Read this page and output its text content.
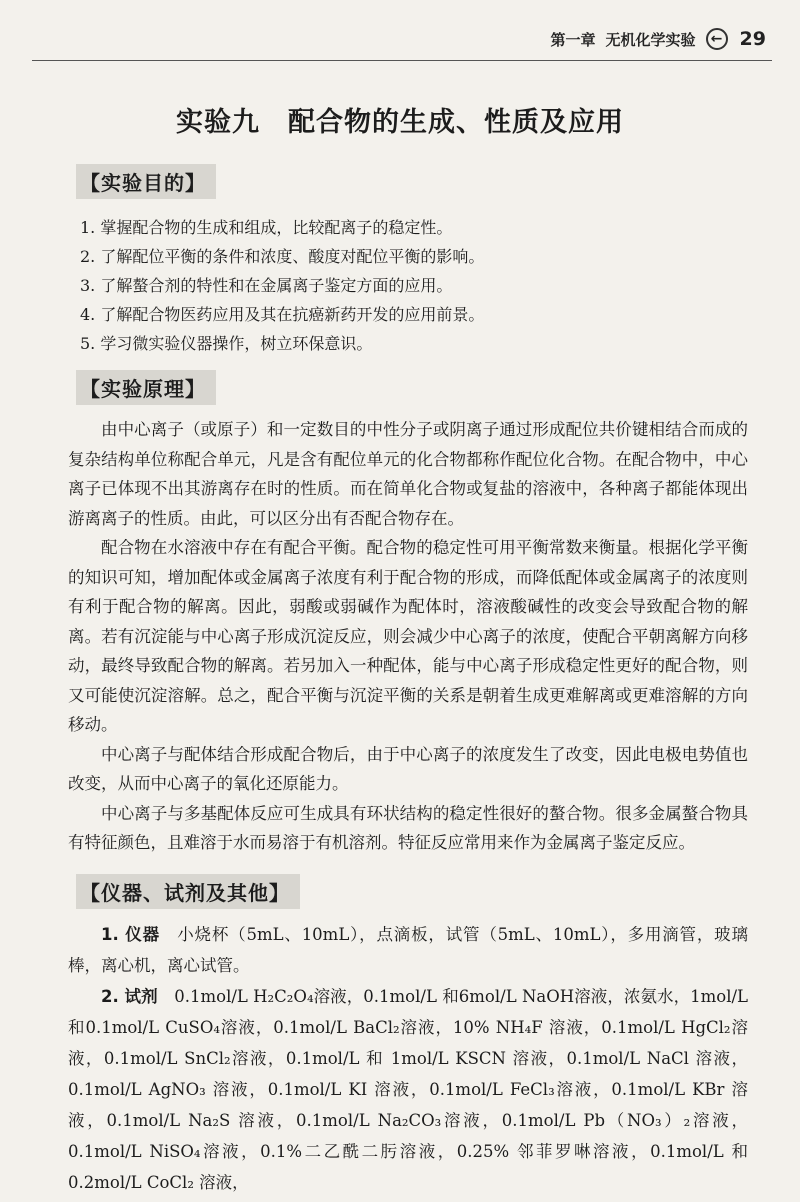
第一章 无机化学实验	← 29
实验九　配合物的生成、性质及应用
【实验目的】
1. 掌握配合物的生成和组成，比较配离子的稳定性。
2. 了解配位平衡的条件和浓度、酸度对配位平衡的影响。
3. 了解螯合剂的特性和在金属离子鉴定方面的应用。
4. 了解配合物医药应用及其在抗癌新药开发的应用前景。
5. 学习微实验仪器操作，树立环保意识。
【实验原理】

由中心离子（或原子）和一定数目的中性分子或阴离子通过形成配位共价键相结合而成的复杂结构单位称配合单元，凡是含有配位单元的化合物都称作配位化合物。在配合物中，中心离子已体现不出其游离存在时的性质。而在简单化合物或复盐的溶液中，各种离子都能体现出游离离子的性质。由此，可以区分出有否配合物存在。

配合物在水溶液中存在有配合平衡。配合物的稳定性可用平衡常数来衡量。根据化学平衡的知识可知，增加配体或金属离子浓度有利于配合物的形成，而降低配体或金属离子的浓度则有利于配合物的解离。因此，弱酸或弱碱作为配体时，溶液酸碱性的改变会导致配合物的解离。若有沉淀能与中心离子形成沉淀反应，则会减少中心离子的浓度，使配合平朝离解方向移动，最终导致配合物的解离。若另加入一种配体，能与中心离子形成稳定性更好的配合物，则又可能使沉淀溶解。总之，配合平衡与沉淀平衡的关系是朝着生成更难解离或更难溶解的方向移动。

中心离子与配体结合形成配合物后，由于中心离子的浓度发生了改变，因此电极电势值也改变，从而中心离子的氧化还原能力。

中心离子与多基配体反应可生成具有环状结构的稳定性很好的螯合物。很多金属螯合物具有特征颜色，且难溶于水而易溶于有机溶剂。特征反应常用来作为金属离子鉴定反应。

【仪器、试剂及其他】

1. 仪器　小烧杯（5mL、10mL），点滴板，试管（5mL、10mL），多用滴管，玻璃棒，离心机，离心试管。

2. 试剂　0.1mol/L H₂C₂O₄溶液，0.1mol/L 和6mol/L NaOH溶液，浓氨水，1mol/L 和0.1mol/L CuSO₄溶液，0.1mol/L BaCl₂溶液，10% NH₄F 溶液，0.1mol/L HgCl₂溶液，0.1mol/L SnCl₂溶液，0.1mol/L 和 1mol/L KSCN 溶液，0.1mol/L NaCl 溶液，0.1mol/L AgNO₃ 溶液，0.1mol/L KI 溶液，0.1mol/L FeCl₃溶液，0.1mol/L KBr 溶液，0.1mol/L Na₂S 溶液，0.1mol/L Na₂CO₃溶液，0.1mol/L Pb（NO₃）₂溶液，0.1mol/L NiSO₄溶液，0.1%二乙酰二肟溶液，0.25% 邻菲罗啉溶液，0.1mol/L 和 0.2mol/L CoCl₂ 溶液，
